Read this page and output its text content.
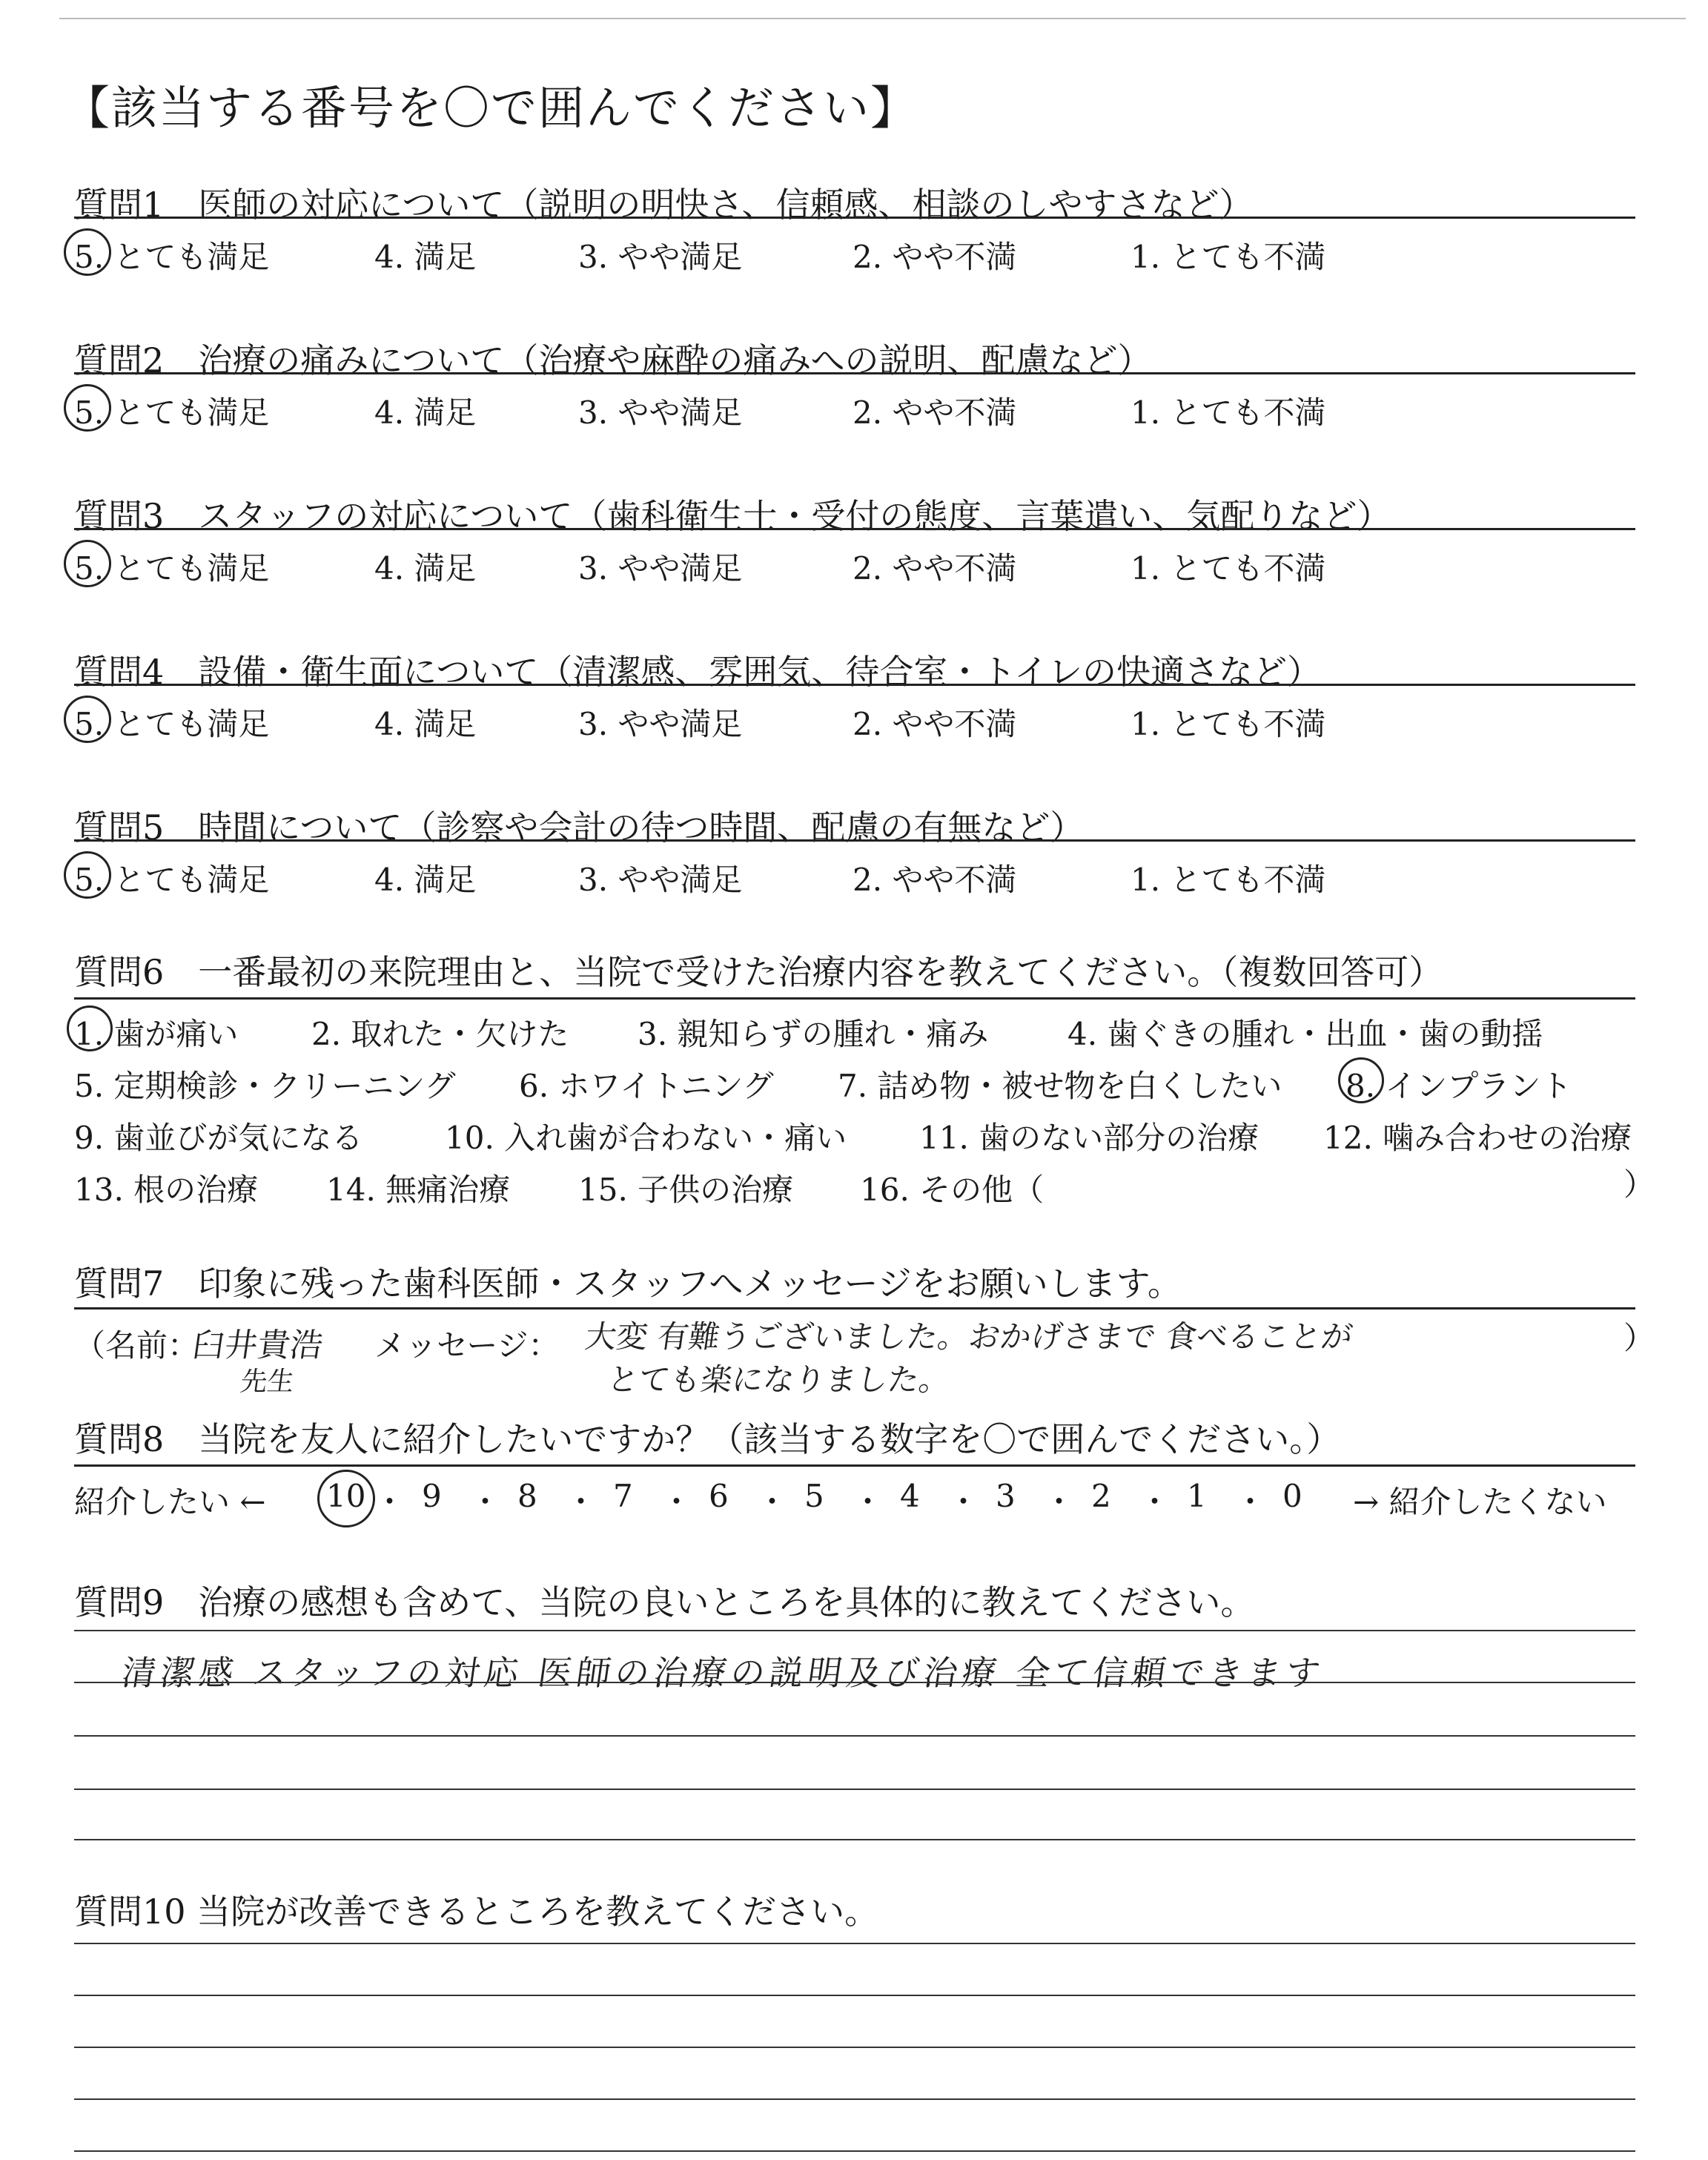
【該当する番号を〇で囲んでください】
質問1　 医師の対応について（説明の明快さ、信頼感、相談のしやすさなど）
5. とても満足	4. 満足	3. やや満足	2. やや不満	1. とても不満
質問2　 治療の痛みについて（治療や麻酔の痛みへの説明、配慮など）
5. とても満足	4. 満足	3. やや満足	2. やや不満	1. とても不満
質問3　 スタッフの対応について（歯科衛生士・受付の態度、言葉遣い、気配りなど）
5. とても満足	4. 満足	3. やや満足	2. やや不満	1. とても不満
質問4　 設備・衛生面について（清潔感、雰囲気、待合室・トイレの快適さなど）
5. とても満足	4. 満足	3. やや満足	2. やや不満	1. とても不満
質問5　 時間について（診察や会計の待つ時間、配慮の有無など）
5. とても満足	4. 満足	3. やや満足	2. やや不満	1. とても不満
質問6　 一番最初の来院理由と、当院で受けた治療内容を教えてください。（複数回答可）
1. 歯が痛い 2. 取れた・欠けた 3. 親知らずの腫れ・痛み	4. 歯ぐきの腫れ・出血・歯の動揺
5. 定期検診・クリーニング 6. ホワイトニング 7. 詰め物・被せ物を白くしたい 8. インプラント
9. 歯並びが気になる	10. 入れ歯が合わない・痛い 11. 歯のない部分の治療 12. 噛み合わせの治療
13. 根の治療 14. 無痛治療 15. 子供の治療 16. その他（	）
質問7　 印象に残った歯科医師・スタッフへメッセージをお願いします。
（名前：
臼井貴浩
先生
メッセージ： 大変 有難うございました。おかげさまで 食べることが
とても楽になりました。
）
質問8　 当院を友人に紹介したいですか？（該当する数字を〇で囲んでください。）
紹介したい ← 10 ・ 9 ・ 8 ・ 7 ・ 6 ・ 5 ・ 4 ・ 3 ・ 2 ・ 1 ・ 0 → 紹介したくない
質問9　 治療の感想も含めて、当院の良いところを具体的に教えてください。
清潔感 スタッフの対応 医師の治療の説明及び治療 全て信頼できます
質問10 当院が改善できるところを教えてください。
